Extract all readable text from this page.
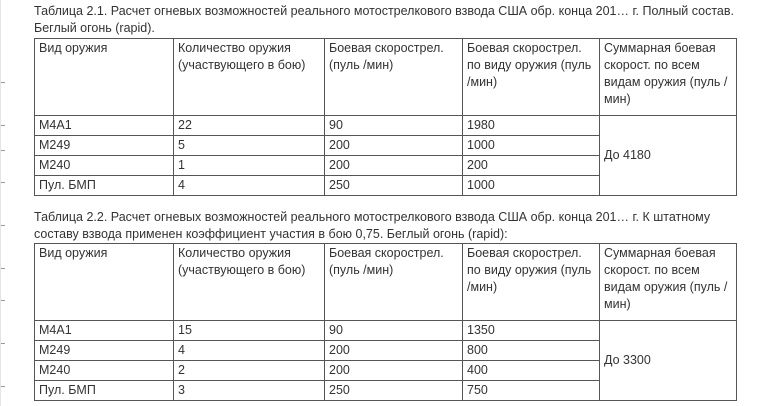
Таблица 2.1. Расчет огневых возможностей реального мотострелкового взвода США обр. конца 201… г. Полный состав. Беглый огонь (rapid).
Вид оружия	Количество оружия (участвующего в бою)	Боевая скорострел. (пуль /мин)	Боевая скорострел. по виду оружия (пуль /мин)	Суммарная боевая скорост. по всем видам оружия (пуль /мин)
M4A1	22	90	1980	До 4180
M249	5	200	1000	
M240	1	200	200	
Пул. БМП	4	250	1000	
Таблица 2.2. Расчет огневых возможностей реального мотострелкового взвода США обр. конца 201… г. К штатному составу взвода применен коэффициент участия в бою 0,75. Беглый огонь (rapid):
Вид оружия	Количество оружия (участвующего в бою)	Боевая скорострел. (пуль /мин)	Боевая скорострел. по виду оружия (пуль /мин)	Суммарная боевая скорост. по всем видам оружия (пуль /мин)
M4A1	15	90	1350	До 3300
M249	4	200	800	
M240	2	200	400	
Пул. БМП	3	250	750	
